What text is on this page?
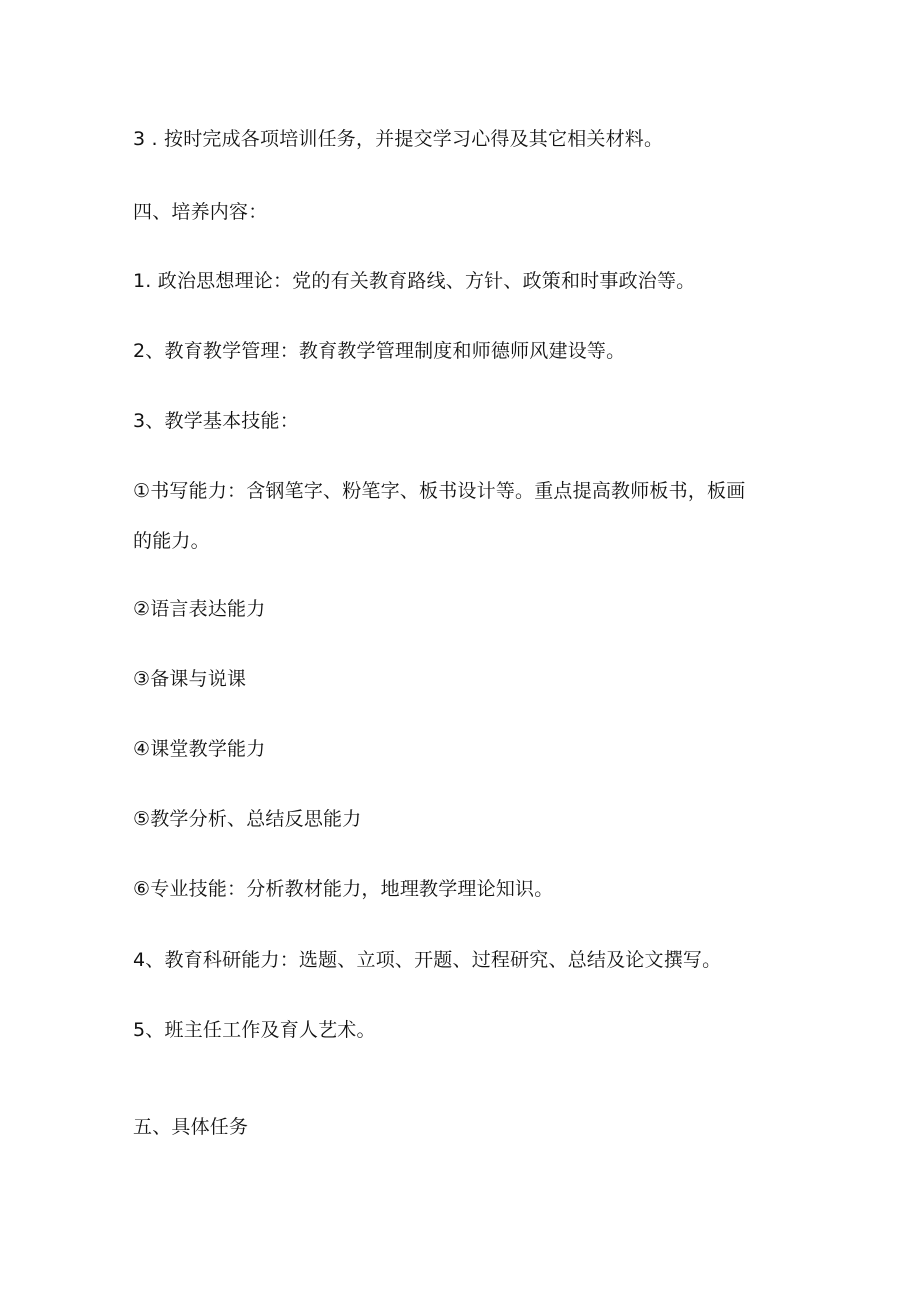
3 . 按时完成各项培训任务，并提交学习心得及其它相关材料。
四、培养内容：
1. 政治思想理论：党的有关教育路线、方针、政策和时事政治等。
2、教育教学管理：教育教学管理制度和师德师风建设等。
3、教学基本技能：
①书写能力：含钢笔字、粉笔字、板书设计等。重点提高教师板书，板画
的能力。
②语言表达能力
③备课与说课
④课堂教学能力
⑤教学分析、总结反思能力
⑥专业技能：分析教材能力，地理教学理论知识。
4、教育科研能力：选题、立项、开题、过程研究、总结及论文撰写。
5、班主任工作及育人艺术。
五、具体任务
